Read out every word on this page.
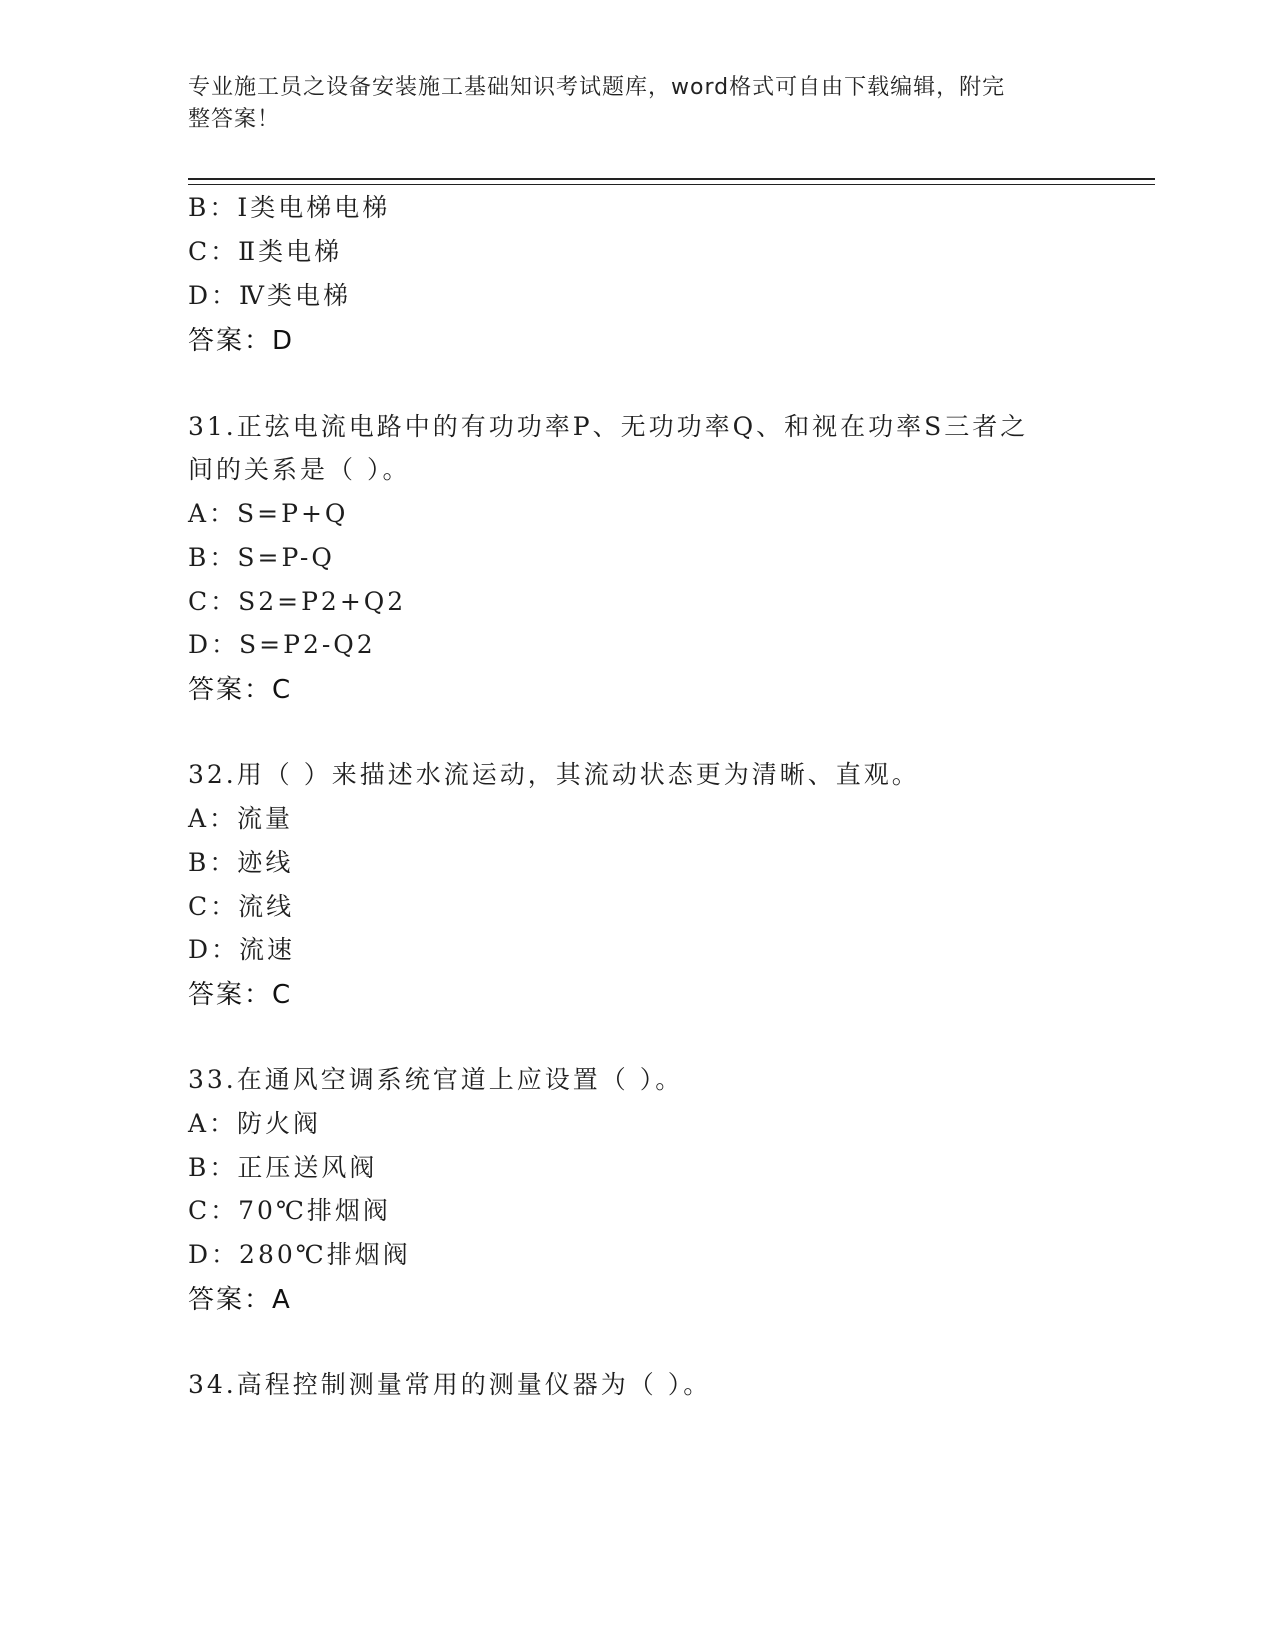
专业施工员之设备安装施工基础知识考试题库，word格式可自由下载编辑，附完
整答案！
B：Ⅰ类电梯电梯
C：Ⅱ类电梯
D：Ⅳ类电梯
答案：D
31.正弦电流电路中的有功功率P、无功功率Q、和视在功率S三者之
间的关系是（ ）。
A：S=P+Q
B：S=P-Q
C：S2=P2+Q2
D：S=P2-Q2
答案：C
32.用（ ）来描述水流运动，其流动状态更为清晰、直观。
A：流量
B：迹线
C：流线
D：流速
答案：C
33.在通风空调系统官道上应设置（ ）。
A：防火阀
B：正压送风阀
C：70℃排烟阀
D：280℃排烟阀
答案：A
34.高程控制测量常用的测量仪器为（ ）。
